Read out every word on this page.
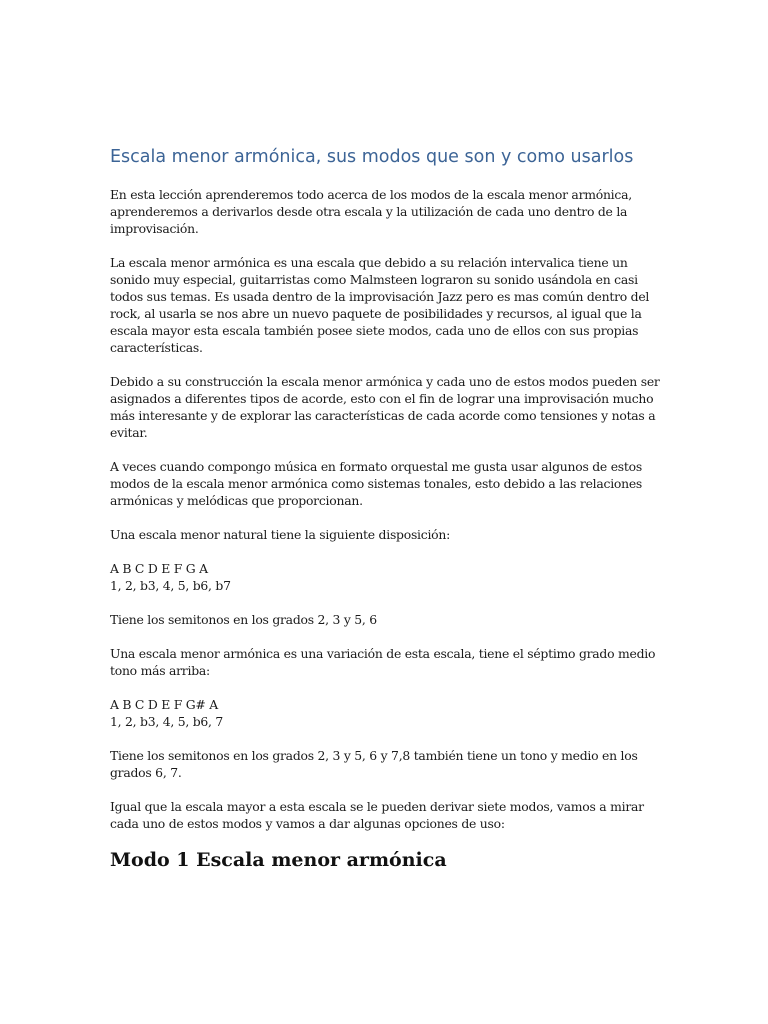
Escala menor armónica, sus modos que son y como usarlos

En esta lección aprenderemos todo acerca de los modos de la escala menor armónica, aprenderemos a derivarlos desde otra escala y la utilización de cada uno dentro de la improvisación.

La escala menor armónica es una escala que debido a su relación intervalica tiene un sonido muy especial, guitarristas como Malmsteen lograron su sonido usándola en casi todos sus temas. Es usada dentro de la improvisación Jazz pero es mas común dentro del rock, al usarla se nos abre un nuevo paquete de posibilidades y recursos, al igual que la escala mayor esta escala también posee siete modos, cada uno de ellos con sus propias características.

Debido a su construcción la escala menor armónica y cada uno de estos modos pueden ser asignados a diferentes tipos de acorde, esto con el fin de lograr una improvisación mucho más interesante y de explorar las características de cada acorde como tensiones y notas a evitar.

A veces cuando compongo música en formato orquestal me gusta usar algunos de estos modos de la escala menor armónica como sistemas tonales, esto debido a las relaciones armónicas y melódicas que proporcionan.

Una escala menor natural tiene la siguiente disposición:

A B C D E F G A
1, 2, b3, 4, 5, b6, b7

Tiene los semitonos en los grados 2, 3 y 5, 6

Una escala menor armónica es una variación de esta escala, tiene el séptimo grado medio tono más arriba:

A B C D E F G# A
1, 2, b3, 4, 5, b6, 7

Tiene los semitonos en los grados 2, 3 y 5, 6 y 7,8 también tiene un tono y medio en los grados 6, 7.

Igual que la escala mayor a esta escala se le pueden derivar siete modos, vamos a mirar cada uno de estos modos y vamos a dar algunas opciones de uso:

Modo 1 Escala menor armónica
